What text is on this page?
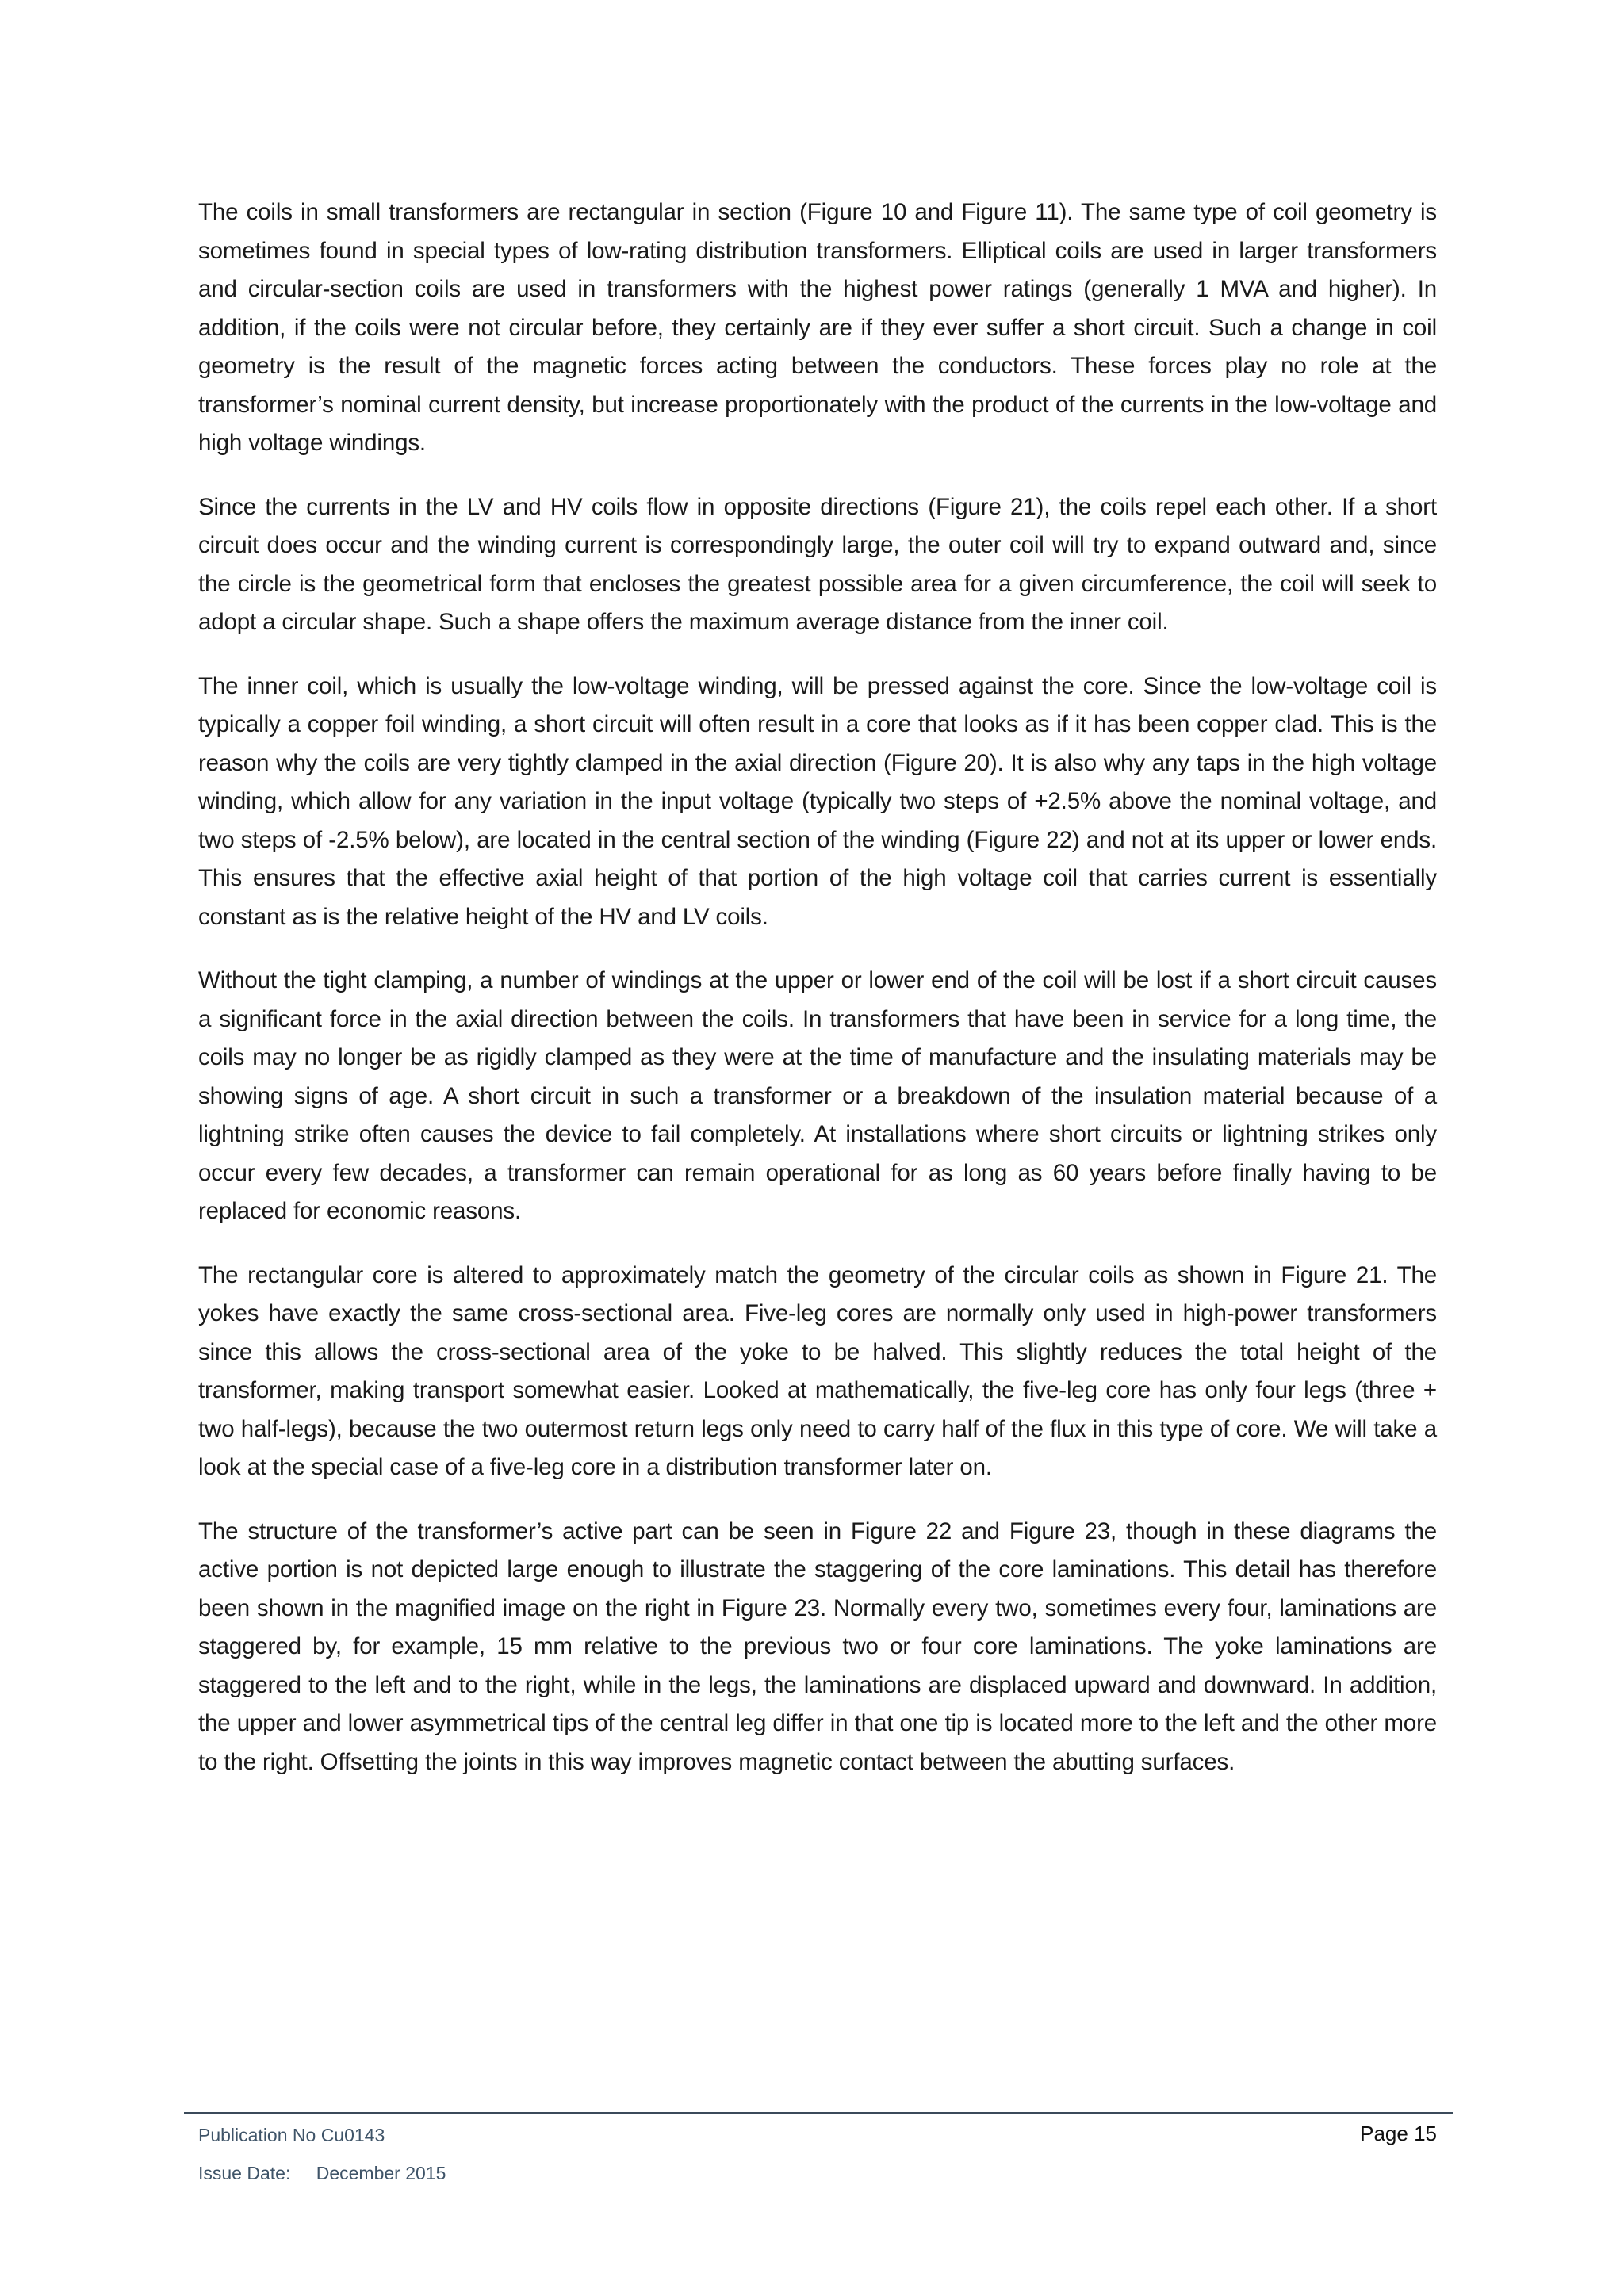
The coils in small transformers are rectangular in section (Figure 10 and Figure 11). The same type of coil geometry is sometimes found in special types of low-rating distribution transformers. Elliptical coils are used in larger transformers and circular-section coils are used in transformers with the highest power ratings (generally 1 MVA and higher). In addition, if the coils were not circular before, they certainly are if they ever suffer a short circuit. Such a change in coil geometry is the result of the magnetic forces acting between the conductors. These forces play no role at the transformer’s nominal current density, but increase proportionately with the product of the currents in the low-voltage and high voltage windings.

Since the currents in the LV and HV coils flow in opposite directions (Figure 21), the coils repel each other. If a short circuit does occur and the winding current is correspondingly large, the outer coil will try to expand outward and, since the circle is the geometrical form that encloses the greatest possible area for a given circumference, the coil will seek to adopt a circular shape. Such a shape offers the maximum average distance from the inner coil.

The inner coil, which is usually the low-voltage winding, will be pressed against the core. Since the low-voltage coil is typically a copper foil winding, a short circuit will often result in a core that looks as if it has been copper clad. This is the reason why the coils are very tightly clamped in the axial direction (Figure 20). It is also why any taps in the high voltage winding, which allow for any variation in the input voltage (typically two steps of +2.5% above the nominal voltage, and two steps of -2.5% below), are located in the central section of the winding (Figure 22) and not at its upper or lower ends. This ensures that the effective axial height of that portion of the high voltage coil that carries current is essentially constant as is the relative height of the HV and LV coils.

Without the tight clamping, a number of windings at the upper or lower end of the coil will be lost if a short circuit causes a significant force in the axial direction between the coils. In transformers that have been in service for a long time, the coils may no longer be as rigidly clamped as they were at the time of manufacture and the insulating materials may be showing signs of age. A short circuit in such a transformer or a breakdown of the insulation material because of a lightning strike often causes the device to fail completely. At installations where short circuits or lightning strikes only occur every few decades, a transformer can remain operational for as long as 60 years before finally having to be replaced for economic reasons.

The rectangular core is altered to approximately match the geometry of the circular coils as shown in Figure 21. The yokes have exactly the same cross-sectional area. Five-leg cores are normally only used in high-power transformers since this allows the cross-sectional area of the yoke to be halved. This slightly reduces the total height of the transformer, making transport somewhat easier. Looked at mathematically, the five-leg core has only four legs (three + two half-legs), because the two outermost return legs only need to carry half of the flux in this type of core. We will take a look at the special case of a five-leg core in a distribution transformer later on.

The structure of the transformer’s active part can be seen in Figure 22 and Figure 23, though in these diagrams the active portion is not depicted large enough to illustrate the staggering of the core laminations. This detail has therefore been shown in the magnified image on the right in Figure 23. Normally every two, sometimes every four, laminations are staggered by, for example, 15 mm relative to the previous two or four core laminations. The yoke laminations are staggered to the left and to the right, while in the legs, the laminations are displaced upward and downward. In addition, the upper and lower asymmetrical tips of the central leg differ in that one tip is located more to the left and the other more to the right. Offsetting the joints in this way improves magnetic contact between the abutting surfaces.

Publication No Cu0143
Issue Date: December 2015
Page 15
